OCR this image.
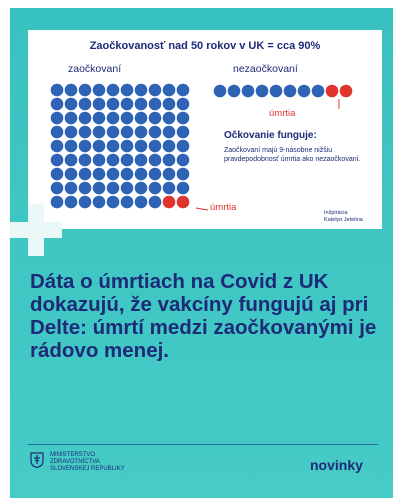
Zaočkovanosť nad 50 rokov v UK = cca 90%
zaočkovaní	nezaočkovaní
úmrtia
úmrtia
Očkovanie funguje:
Zaočkovaní majú 9-násobne nižšiu pravdepodobnosť úmrtia ako nezaočkovaní.
Inšpirácia
Katelyn Jetelina
Dáta o úmrtiach na Covid z UK dokazujú, že vakcíny fungujú aj pri Delte: úmrtí medzi zaočkovanými je rádovo menej.
MINISTERSTVO
ZDRAVOTNÍCTVA
SLOVENSKEJ REPUBLIKY	novinky
